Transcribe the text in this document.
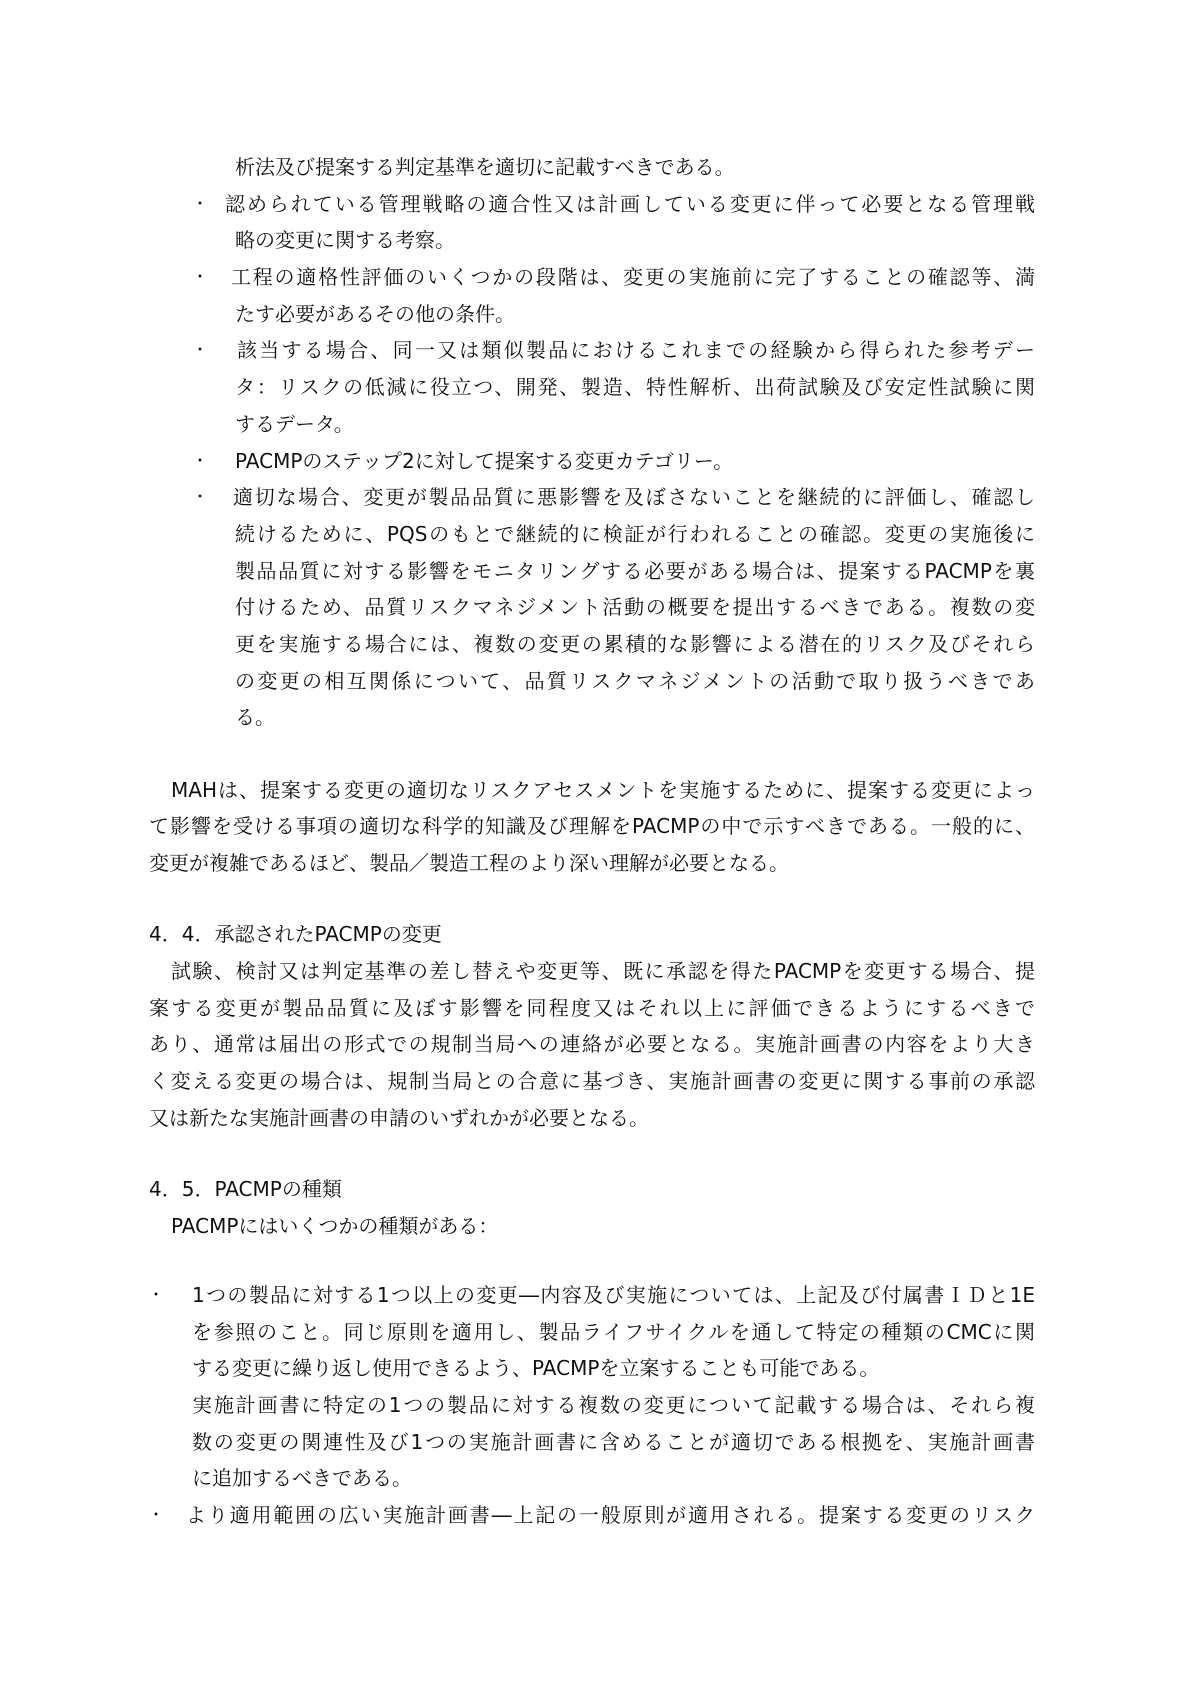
析法及び提案する判定基準を適切に記載すべきである。
・ 認められている管理戦略の適合性又は計画している変更に伴って必要となる管理戦
略の変更に関する考察。
・ 工程の適格性評価のいくつかの段階は、変更の実施前に完了することの確認等、満
たす必要があるその他の条件。
・ 該当する場合、同一又は類似製品におけるこれまでの経験から得られた参考デー
タ：リスクの低減に役立つ、開発、製造、特性解析、出荷試験及び安定性試験に関
するデータ。
・ PACMPのステップ2に対して提案する変更カテゴリー。
・ 適切な場合、変更が製品品質に悪影響を及ぼさないことを継続的に評価し、確認し
続けるために、PQSのもとで継続的に検証が行われることの確認。変更の実施後に
製品品質に対する影響をモニタリングする必要がある場合は、提案するPACMPを裏
付けるため、品質リスクマネジメント活動の概要を提出するべきである。複数の変
更を実施する場合には、複数の変更の累積的な影響による潜在的リスク及びそれら
の変更の相互関係について、品質リスクマネジメントの活動で取り扱うべきであ
る。
MAHは、提案する変更の適切なリスクアセスメントを実施するために、提案する変更によっ
て影響を受ける事項の適切な科学的知識及び理解をPACMPの中で示すべきである。一般的に、
変更が複雑であるほど、製品／製造工程のより深い理解が必要となる。
4．4．承認されたPACMPの変更
試験、検討又は判定基準の差し替えや変更等、既に承認を得たPACMPを変更する場合、提
案する変更が製品品質に及ぼす影響を同程度又はそれ以上に評価できるようにするべきで
あり、通常は届出の形式での規制当局への連絡が必要となる。実施計画書の内容をより大き
く変える変更の場合は、規制当局との合意に基づき、実施計画書の変更に関する事前の承認
又は新たな実施計画書の申請のいずれかが必要となる。
4．5．PACMPの種類
PACMPにはいくつかの種類がある：
・ 1つの製品に対する1つ以上の変更―内容及び実施については、上記及び付属書ＩＤと1E
を参照のこと。同じ原則を適用し、製品ライフサイクルを通して特定の種類のCMCに関
する変更に繰り返し使用できるよう、PACMPを立案することも可能である。
実施計画書に特定の1つの製品に対する複数の変更について記載する場合は、それら複
数の変更の関連性及び1つの実施計画書に含めることが適切である根拠を、実施計画書
に追加するべきである。
・ より適用範囲の広い実施計画書―上記の一般原則が適用される。提案する変更のリスク
